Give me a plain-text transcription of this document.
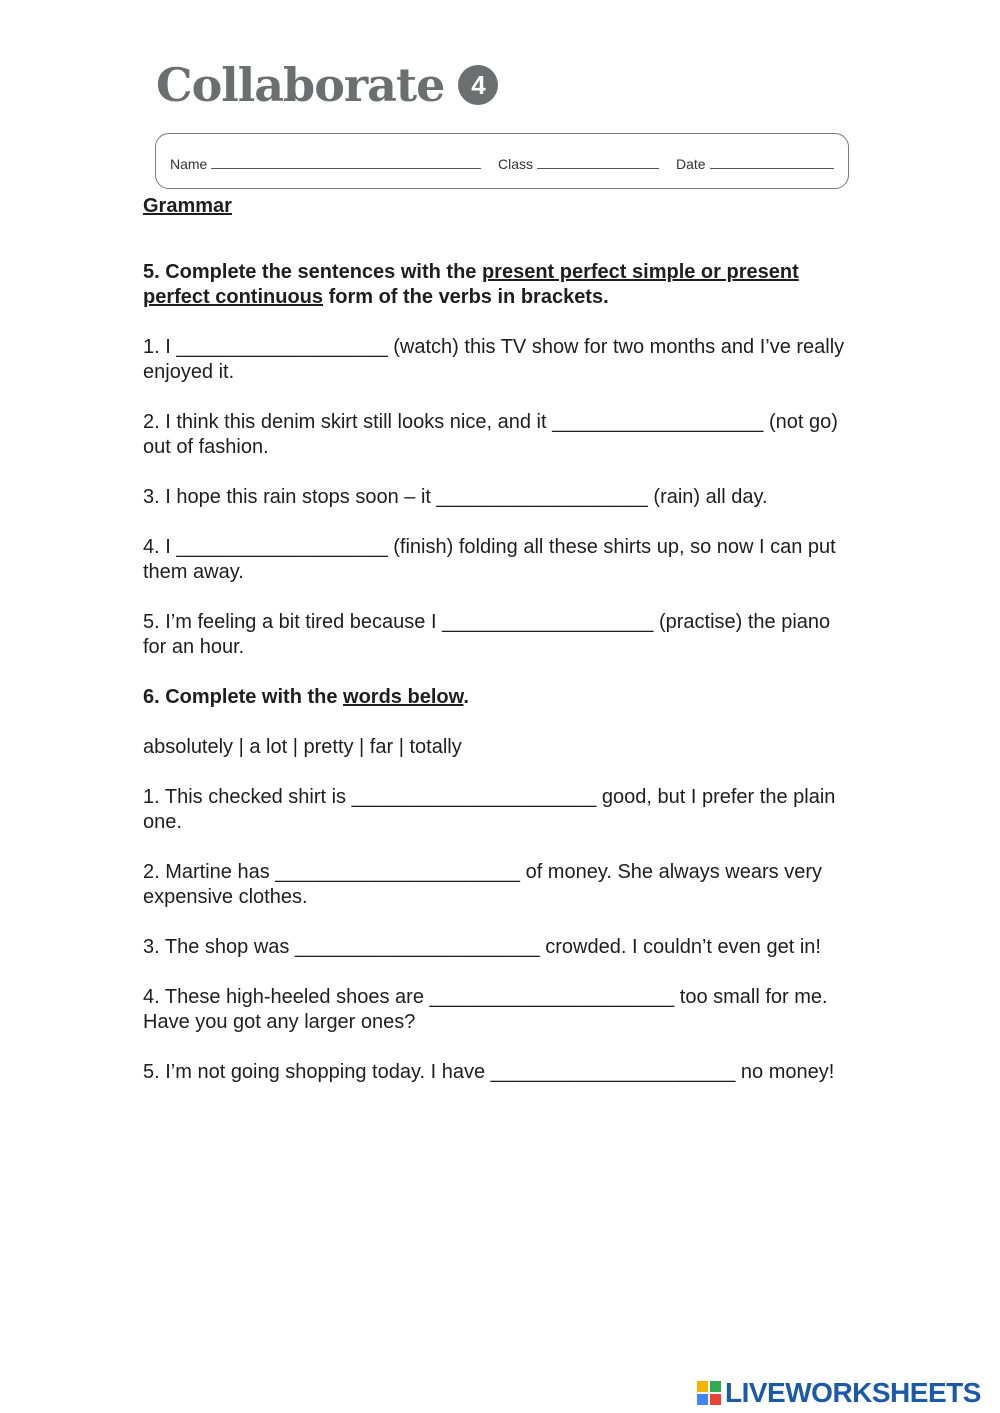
Collaborate	4
Name	Class	Date

Grammar

5. Complete the sentences with the present perfect simple or present perfect continuous form of the verbs in brackets.

1. I ___________________ (watch) this TV show for two months and I’ve really enjoyed it.

2. I think this denim skirt still looks nice, and it ___________________ (not go) out of fashion.

3. I hope this rain stops soon – it ___________________ (rain) all day.

4. I ___________________ (finish) folding all these shirts up, so now I can put them away.

5. I’m feeling a bit tired because I ___________________ (practise) the piano for an hour.

6. Complete with the words below.

absolutely | a lot | pretty | far | totally

1. This checked shirt is ______________________ good, but I prefer the plain one.

2. Martine has ______________________ of money. She always wears very expensive clothes.

3. The shop was ______________________ crowded. I couldn’t even get in!

4. These high-heeled shoes are ______________________ too small for me. Have you got any larger ones?

5. I’m not going shopping today. I have ______________________ no money!

LIVEWORKSHEETS
